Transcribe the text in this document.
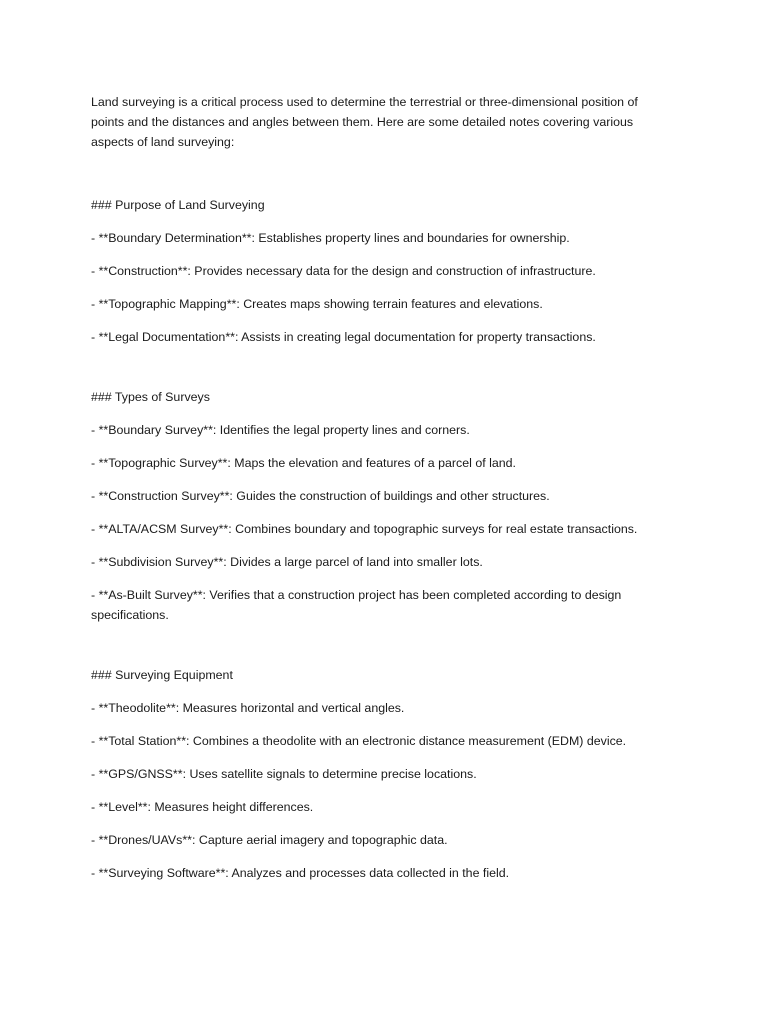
Land surveying is a critical process used to determine the terrestrial or three-dimensional position of points and the distances and angles between them. Here are some detailed notes covering various aspects of land surveying:

### Purpose of Land Surveying

- **Boundary Determination**: Establishes property lines and boundaries for ownership.

- **Construction**: Provides necessary data for the design and construction of infrastructure.

- **Topographic Mapping**: Creates maps showing terrain features and elevations.

- **Legal Documentation**: Assists in creating legal documentation for property transactions.

### Types of Surveys

- **Boundary Survey**: Identifies the legal property lines and corners.

- **Topographic Survey**: Maps the elevation and features of a parcel of land.

- **Construction Survey**: Guides the construction of buildings and other structures.

- **ALTA/ACSM Survey**: Combines boundary and topographic surveys for real estate transactions.

- **Subdivision Survey**: Divides a large parcel of land into smaller lots.

- **As-Built Survey**: Verifies that a construction project has been completed according to design specifications.

### Surveying Equipment

- **Theodolite**: Measures horizontal and vertical angles.

- **Total Station**: Combines a theodolite with an electronic distance measurement (EDM) device.

- **GPS/GNSS**: Uses satellite signals to determine precise locations.

- **Level**: Measures height differences.

- **Drones/UAVs**: Capture aerial imagery and topographic data.

- **Surveying Software**: Analyzes and processes data collected in the field.
